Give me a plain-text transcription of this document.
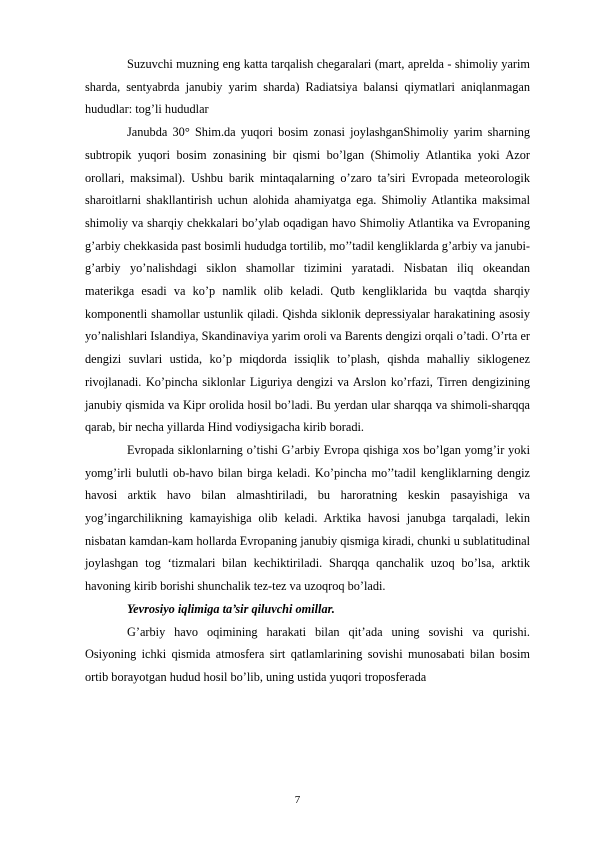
Suzuvchi muzning eng katta tarqalish chegaralari (mart, aprelda - shimoliy yarim sharda, sentyabrda janubiy yarim sharda) Radiatsiya balansi qiymatlari aniqlanmagan hududlar: tog’li hududlar

Janubda 30° Shim.da yuqori bosim zonasi joylashganShimoliy yarim sharning subtropik yuqori bosim zonasining bir qismi bo’lgan (Shimoliy Atlantika yoki Azor orollari, maksimal). Ushbu barik mintaqalarning o’zaro ta’siri Evropada meteorologik sharoitlarni shakllantirish uchun alohida ahamiyatga ega. Shimoliy Atlantika maksimal shimoliy va sharqiy chekkalari bo’ylab oqadigan havo Shimoliy Atlantika va Evropaning g’arbiy chekkasida past bosimli hududga tortilib, mo’’tadil kengliklarda g’arbiy va janubi-g’arbiy yo’nalishdagi siklon shamollar tizimini yaratadi. Nisbatan iliq okeandan materikga esadi va ko’p namlik olib keladi. Qutb kengliklarida bu vaqtda sharqiy komponentli shamollar ustunlik qiladi. Qishda siklonik depressiyalar harakatining asosiy yo’nalishlari Islandiya, Skandinaviya yarim oroli va Barents dengizi orqali o’tadi. O’rta er dengizi suvlari ustida, ko’p miqdorda issiqlik to’plash, qishda mahalliy siklogenez rivojlanadi. Ko’pincha siklonlar Liguriya dengizi va Arslon ko’rfazi, Tirren dengizining janubiy qismida va Kipr orolida hosil bo’ladi. Bu yerdan ular sharqqa va shimoli-sharqqa qarab, bir necha yillarda Hind vodiysigacha kirib boradi.

Evropada siklonlarning o’tishi G’arbiy Evropa qishiga xos bo’lgan yomg’ir yoki yomg’irli bulutli ob-havo bilan birga keladi. Ko’pincha mo’’tadil kengliklarning dengiz havosi arktik havo bilan almashtiriladi, bu haroratning keskin pasayishiga va yog’ingarchilikning kamayishiga olib keladi. Arktika havosi janubga tarqaladi, lekin nisbatan kamdan-kam hollarda Evropaning janubiy qismiga kiradi, chunki u sublatitudinal joylashgan tog ‘tizmalari bilan kechiktiriladi. Sharqqa qanchalik uzoq bo’lsa, arktik havoning kirib borishi shunchalik tez-tez va uzoqroq bo’ladi.

Yevrosiyo iqlimiga ta’sir qiluvchi omillar.

G’arbiy havo oqimining harakati bilan qit’ada uning sovishi va qurishi. Osiyoning ichki qismida atmosfera sirt qatlamlarining sovishi munosabati bilan bosim ortib borayotgan hudud hosil bo’lib, uning ustida yuqori troposferada

7
